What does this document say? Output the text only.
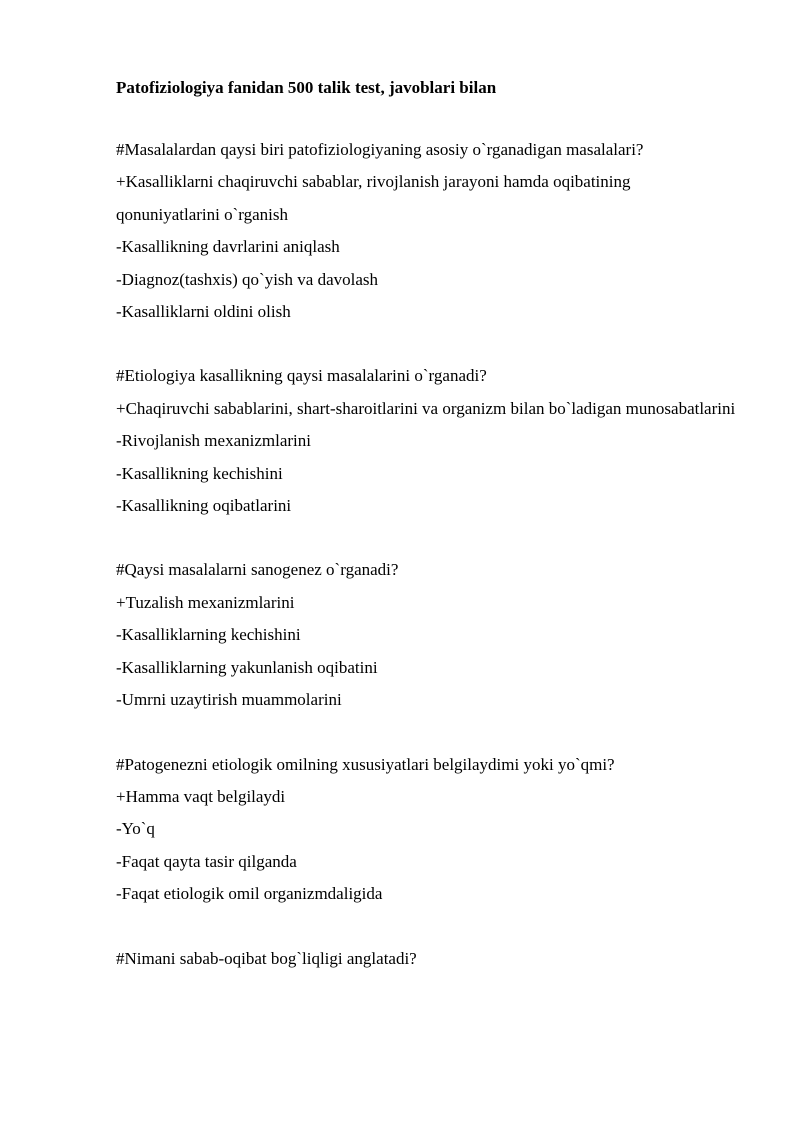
Patofiziologiya fanidan 500 talik test, javoblari bilan
#Masalalardan qaysi biri patofiziologiyaning asosiy o`rganadigan masalalari?
+Kasalliklarni chaqiruvchi sabablar, rivojlanish jarayoni hamda oqibatining qonuniyatlarini o`rganish
-Kasallikning davrlarini aniqlash
-Diagnoz(tashxis) qo`yish va davolash
-Kasalliklarni oldini olish
#Etiologiya kasallikning qaysi masalalarini o`rganadi?
+Chaqiruvchi sabablarini, shart-sharoitlarini va organizm bilan bo`ladigan munosabatlarini
-Rivojlanish mexanizmlarini
-Kasallikning kechishini
-Kasallikning oqibatlarini
#Qaysi masalalarni sanogenez o`rganadi?
+Tuzalish mexanizmlarini
-Kasalliklarning kechishini
-Kasalliklarning yakunlanish oqibatini
-Umrni uzaytirish muammolarini
#Patogenezni etiologik omilning xususiyatlari belgilaydimi yoki yo`qmi?
+Hamma vaqt belgilaydi
-Yo`q
-Faqat qayta tasir qilganda
-Faqat etiologik omil organizmdaligida
#Nimani sabab-oqibat bog`liqligi anglatadi?
